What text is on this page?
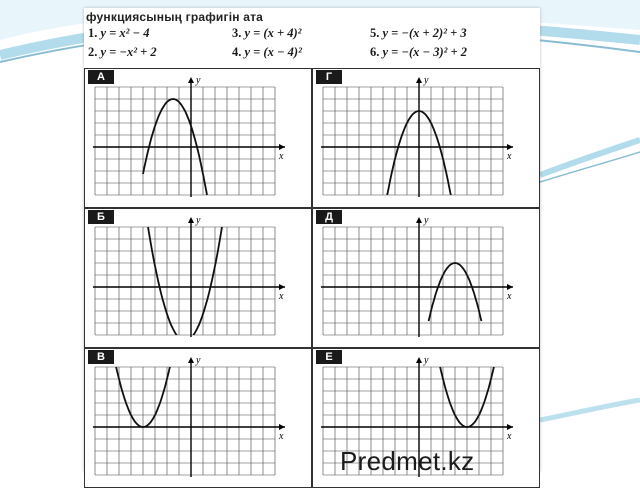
функциясының графигін ата
1. y = x² − 4
2. y = −x² + 2
3. y = (x + 4)²
4. y = (x − 4)²
5. y = −(x + 2)² + 3
6. y = −(x − 3)² + 2
x
y
А
x
y
Г
x
y
Б
x
y
Д
x
y
В
x
y
Е
Predmet.kz
